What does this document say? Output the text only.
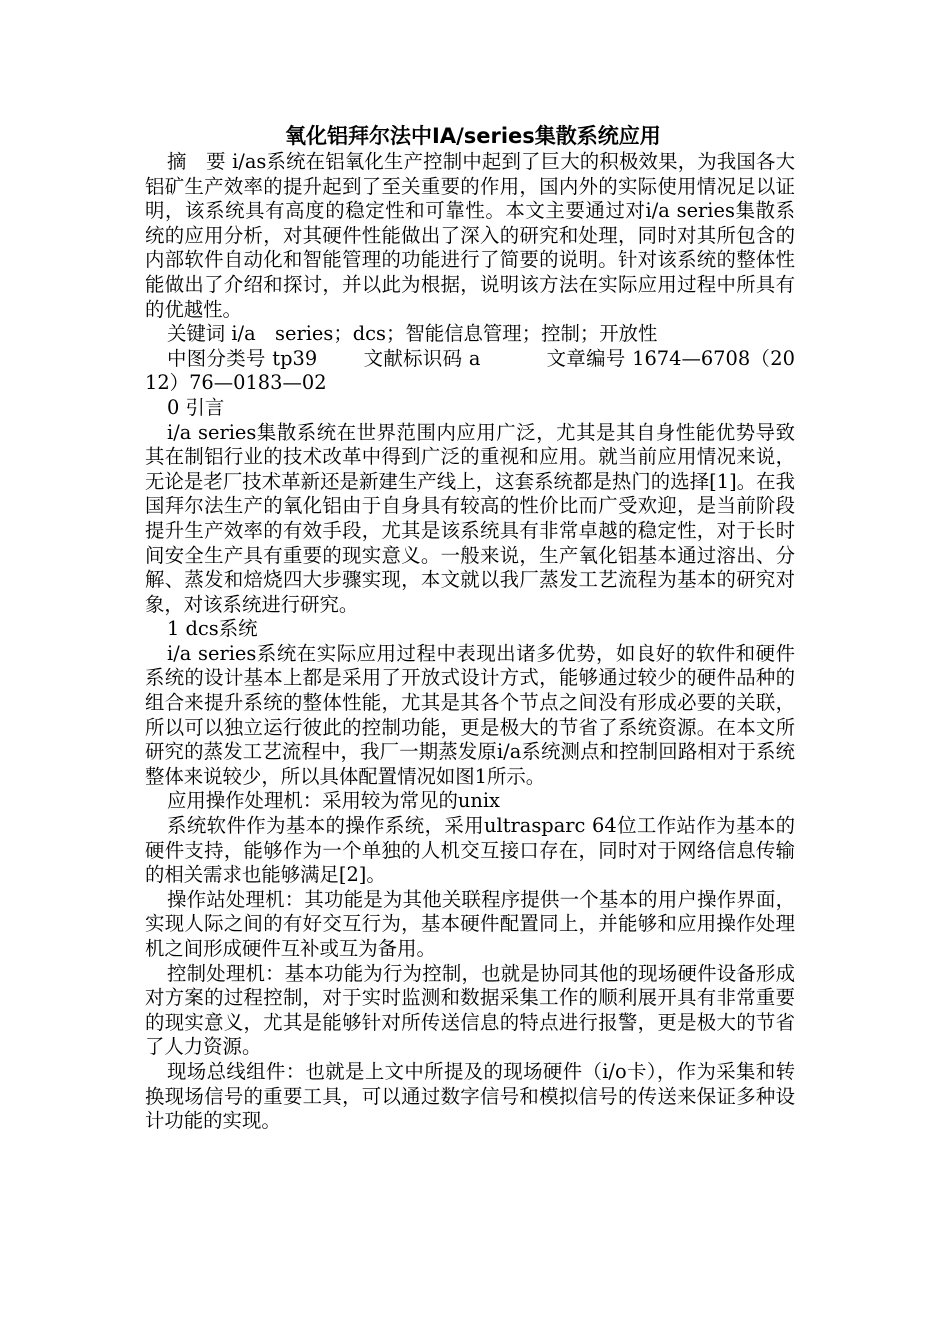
氧化铝拜尔法中IA/series集散系统应用

摘　要 i/as系统在铝氧化生产控制中起到了巨大的积极效果，为我国各大铝矿生产效率的提升起到了至关重要的作用，国内外的实际使用情况足以证明，该系统具有高度的稳定性和可靠性。本文主要通过对i/a series集散系统的应用分析，对其硬件性能做出了深入的研究和处理，同时对其所包含的内部软件自动化和智能管理的功能进行了简要的说明。针对该系统的整体性能做出了介绍和探讨，并以此为根据，说明该方法在实际应用过程中所具有的优越性。

关键词 i/a　series；dcs；智能信息管理；控制；开放性

中图分类号 tp39　　 文献标识码 a　　　 文章编号 1674—6708（2012）76—0183—02

0 引言

i/a series集散系统在世界范围内应用广泛，尤其是其自身性能优势导致其在制铝行业的技术改革中得到广泛的重视和应用。就当前应用情况来说，无论是老厂技术革新还是新建生产线上，这套系统都是热门的选择[1]。在我国拜尔法生产的氧化铝由于自身具有较高的性价比而广受欢迎，是当前阶段提升生产效率的有效手段，尤其是该系统具有非常卓越的稳定性，对于长时间安全生产具有重要的现实意义。一般来说，生产氧化铝基本通过溶出、分解、蒸发和焙烧四大步骤实现，本文就以我厂蒸发工艺流程为基本的研究对象，对该系统进行研究。

1 dcs系统

i/a series系统在实际应用过程中表现出诸多优势，如良好的软件和硬件系统的设计基本上都是采用了开放式设计方式，能够通过较少的硬件品种的组合来提升系统的整体性能，尤其是其各个节点之间没有形成必要的关联，所以可以独立运行彼此的控制功能，更是极大的节省了系统资源。在本文所研究的蒸发工艺流程中，我厂一期蒸发原i/a系统测点和控制回路相对于系统整体来说较少，所以具体配置情况如图1所示。

应用操作处理机：采用较为常见的unix

系统软件作为基本的操作系统，采用ultrasparc 64位工作站作为基本的硬件支持，能够作为一个单独的人机交互接口存在，同时对于网络信息传输的相关需求也能够满足[2]。

操作站处理机：其功能是为其他关联程序提供一个基本的用户操作界面，实现人际之间的有好交互行为，基本硬件配置同上，并能够和应用操作处理机之间形成硬件互补或互为备用。

控制处理机：基本功能为行为控制，也就是协同其他的现场硬件设备形成对方案的过程控制，对于实时监测和数据采集工作的顺利展开具有非常重要的现实意义，尤其是能够针对所传送信息的特点进行报警，更是极大的节省了人力资源。

现场总线组件：也就是上文中所提及的现场硬件（i/o卡），作为采集和转换现场信号的重要工具，可以通过数字信号和模拟信号的传送来保证多种设计功能的实现。
